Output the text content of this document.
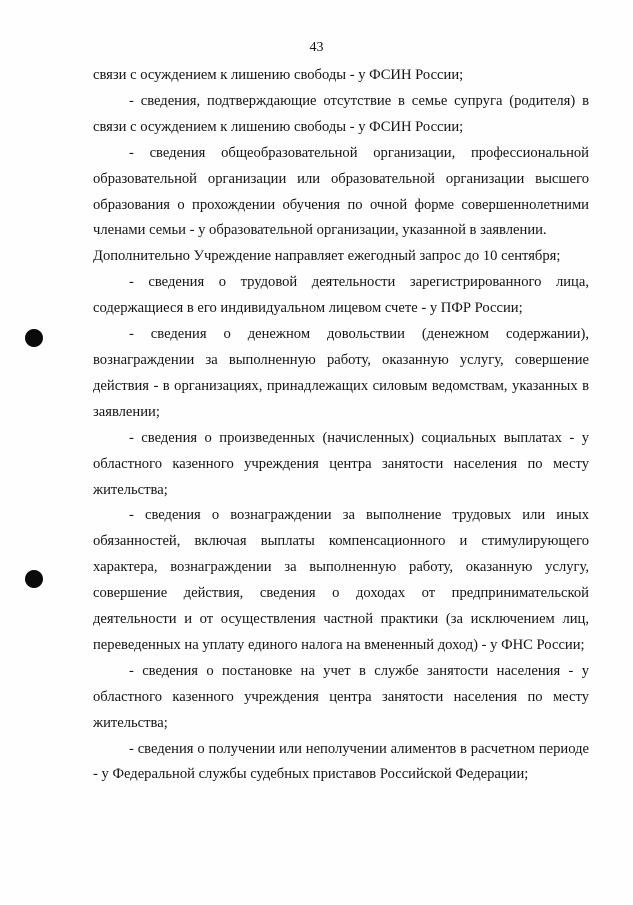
43

связи с осуждением к лишению свободы - у ФСИН России;

- сведения, подтверждающие отсутствие в семье супруга (родителя) в связи с осуждением к лишению свободы - у ФСИН России;

- сведения общеобразовательной организации, профессиональной образовательной организации или образовательной организации высшего образования о прохождении обучения по очной форме совершеннолетними членами семьи - у образовательной организации, указанной в заявлении.

Дополнительно Учреждение направляет ежегодный запрос до 10 сентября;

- сведения о трудовой деятельности зарегистрированного лица, содержащиеся в его индивидуальном лицевом счете - у ПФР России;

- сведения о денежном довольствии (денежном содержании), вознаграждении за выполненную работу, оказанную услугу, совершение действия - в организациях, принадлежащих силовым ведомствам, указанных в заявлении;

- сведения о произведенных (начисленных) социальных выплатах - у областного казенного учреждения центра занятости населения по месту жительства;

- сведения о вознаграждении за выполнение трудовых или иных обязанностей, включая выплаты компенсационного и стимулирующего характера, вознаграждении за выполненную работу, оказанную услугу, совершение действия, сведения о доходах от предпринимательской деятельности и от осуществления частной практики (за исключением лиц, переведенных на уплату единого налога на вмененный доход) - у ФНС России;

- сведения о постановке на учет в службе занятости населения - у областного казенного учреждения центра занятости населения по месту жительства;

- сведения о получении или неполучении алиментов в расчетном периоде - у Федеральной службы судебных приставов Российской Федерации;
